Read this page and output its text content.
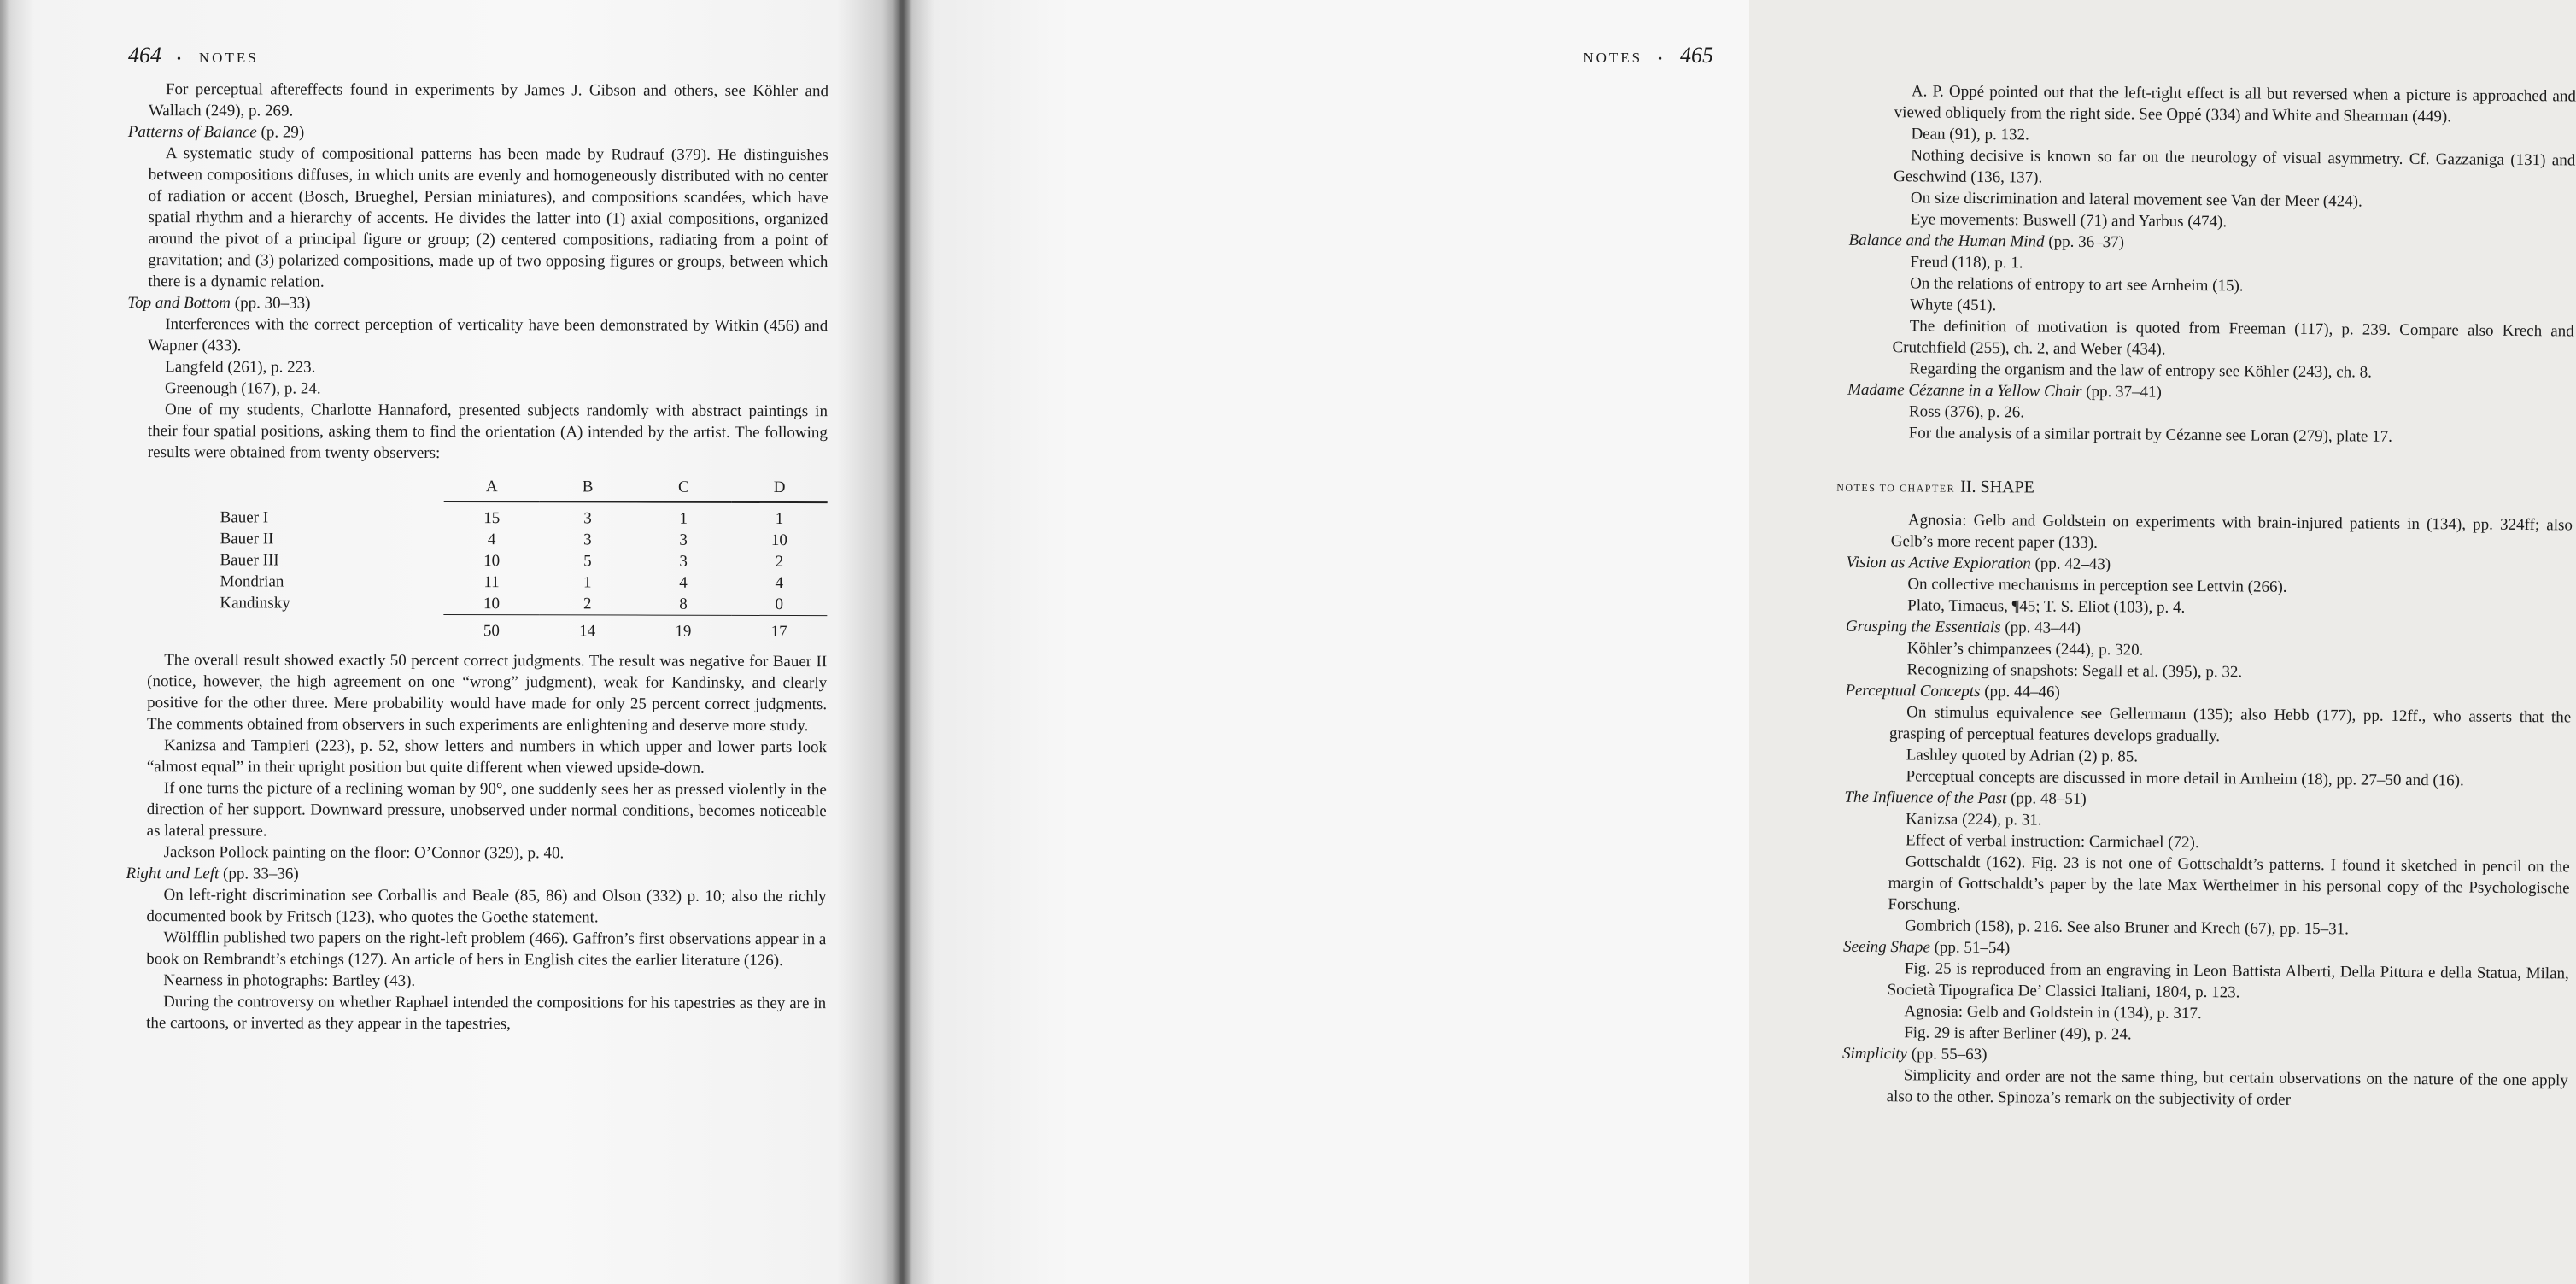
464 • NOTES

For perceptual aftereffects found in experiments by James J. Gibson and others, see Köhler and Wallach (249), p. 269.

Patterns of Balance (p. 29)

A systematic study of compositional patterns has been made by Rudrauf (379). He distinguishes between compositions diffuses, in which units are evenly and homogeneously distributed with no center of radiation or accent (Bosch, Brueghel, Persian miniatures), and compositions scandées, which have spatial rhythm and a hierarchy of accents. He divides the latter into (1) axial compositions, organized around the pivot of a principal figure or group; (2) centered compositions, radiating from a point of gravitation; and (3) polarized compositions, made up of two opposing figures or groups, between which there is a dynamic relation.

Top and Bottom (pp. 30–33)

Interferences with the correct perception of verticality have been demonstrated by Witkin (456) and Wapner (433).

Langfeld (261), p. 223.

Greenough (167), p. 24.

One of my students, Charlotte Hannaford, presented subjects randomly with abstract paintings in their four spatial positions, asking them to find the orientation (A) intended by the artist. The following results were obtained from twenty observers:

	A	B	C	D
Bauer I	15	3	1	1
Bauer II	4	3	3	10
Bauer III	10	5	3	2
Mondrian	11	1	4	4
Kandinsky	10	2	8	0
	50	14	19	17

The overall result showed exactly 50 percent correct judgments. The result was negative for Bauer II (notice, however, the high agreement on one “wrong” judgment), weak for Kandinsky, and clearly positive for the other three. Mere probability would have made for only 25 percent correct judgments. The comments obtained from observers in such experiments are enlightening and deserve more study.

Kanizsa and Tampieri (223), p. 52, show letters and numbers in which upper and lower parts look “almost equal” in their upright position but quite different when viewed upside-down.

If one turns the picture of a reclining woman by 90°, one suddenly sees her as pressed violently in the direction of her support. Downward pressure, unobserved under normal conditions, becomes noticeable as lateral pressure.

Jackson Pollock painting on the floor: O’Connor (329), p. 40.

Right and Left (pp. 33–36)

On left-right discrimination see Corballis and Beale (85, 86) and Olson (332) p. 10; also the richly documented book by Fritsch (123), who quotes the Goethe statement.

Wölfflin published two papers on the right-left problem (466). Gaffron’s first observations appear in a book on Rembrandt’s etchings (127). An article of hers in English cites the earlier literature (126).

Nearness in photographs: Bartley (43).

During the controversy on whether Raphael intended the compositions for his tapestries as they are in the cartoons, or inverted as they appear in the tapestries,

NOTES • 465

A. P. Oppé pointed out that the left-right effect is all but reversed when a picture is approached and viewed obliquely from the right side. See Oppé (334) and White and Shearman (449).

Dean (91), p. 132.

Nothing decisive is known so far on the neurology of visual asymmetry. Cf. Gazzaniga (131) and Geschwind (136, 137).

On size discrimination and lateral movement see Van der Meer (424).

Eye movements: Buswell (71) and Yarbus (474).

Balance and the Human Mind (pp. 36–37)

Freud (118), p. 1.

On the relations of entropy to art see Arnheim (15).

Whyte (451).

The definition of motivation is quoted from Freeman (117), p. 239. Compare also Krech and Crutchfield (255), ch. 2, and Weber (434).

Regarding the organism and the law of entropy see Köhler (243), ch. 8.

Madame Cézanne in a Yellow Chair (pp. 37–41)

Ross (376), p. 26.

For the analysis of a similar portrait by Cézanne see Loran (279), plate 17.

NOTES TO CHAPTER II. SHAPE

Agnosia: Gelb and Goldstein on experiments with brain-injured patients in (134), pp. 324ff; also Gelb’s more recent paper (133).

Vision as Active Exploration (pp. 42–43)

On collective mechanisms in perception see Lettvin (266).

Plato, Timaeus, ¶45; T. S. Eliot (103), p. 4.

Grasping the Essentials (pp. 43–44)

Köhler’s chimpanzees (244), p. 320.

Recognizing of snapshots: Segall et al. (395), p. 32.

Perceptual Concepts (pp. 44–46)

On stimulus equivalence see Gellermann (135); also Hebb (177), pp. 12ff., who asserts that the grasping of perceptual features develops gradually.

Lashley quoted by Adrian (2) p. 85.

Perceptual concepts are discussed in more detail in Arnheim (18), pp. 27–50 and (16).

The Influence of the Past (pp. 48–51)

Kanizsa (224), p. 31.

Effect of verbal instruction: Carmichael (72).

Gottschaldt (162). Fig. 23 is not one of Gottschaldt’s patterns. I found it sketched in pencil on the margin of Gottschaldt’s paper by the late Max Wertheimer in his personal copy of the Psychologische Forschung.

Gombrich (158), p. 216. See also Bruner and Krech (67), pp. 15–31.

Seeing Shape (pp. 51–54)

Fig. 25 is reproduced from an engraving in Leon Battista Alberti, Della Pittura e della Statua, Milan, Società Tipografica De’ Classici Italiani, 1804, p. 123.

Agnosia: Gelb and Goldstein in (134), p. 317.

Fig. 29 is after Berliner (49), p. 24.

Simplicity (pp. 55–63)

Simplicity and order are not the same thing, but certain observations on the nature of the one apply also to the other. Spinoza’s remark on the subjectivity of order
